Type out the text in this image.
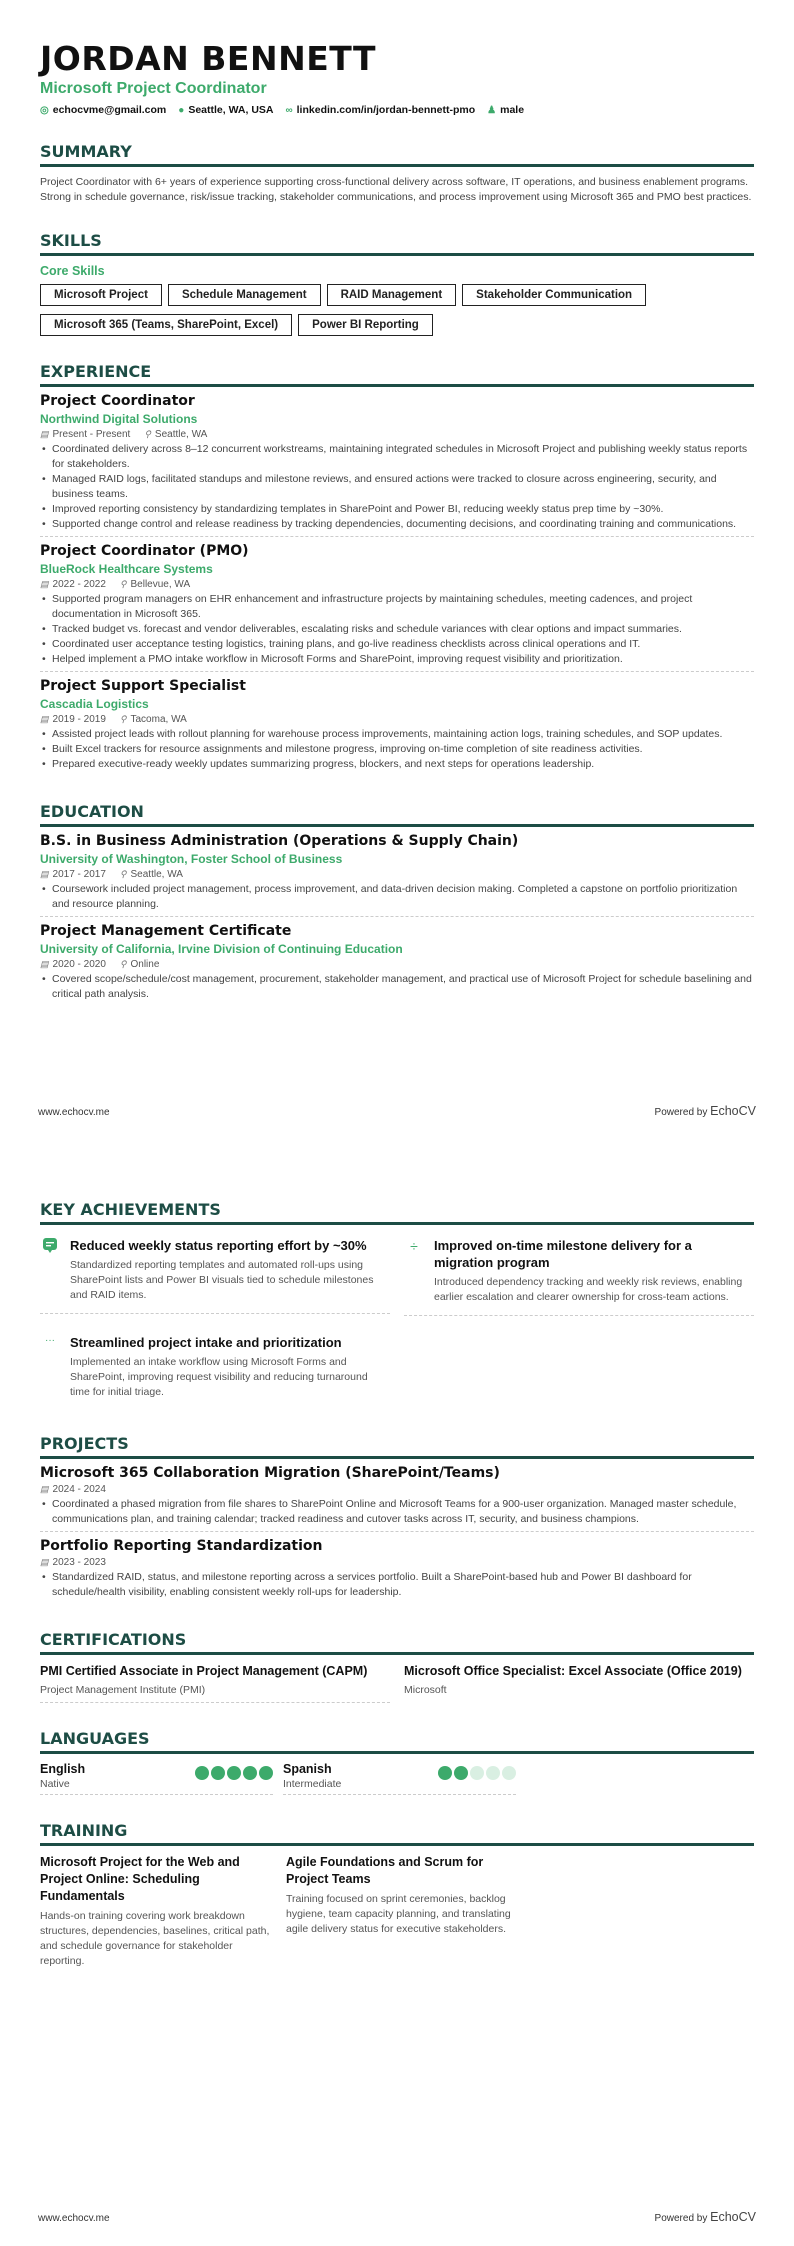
JORDAN BENNETT
Microsoft Project Coordinator
◎ echocvme@gmail.com ● Seattle, WA, USA ∞ linkedin.com/in/jordan-bennett-pmo ♟ male
SUMMARY
Project Coordinator with 6+ years of experience supporting cross-functional delivery across software, IT operations, and business enablement programs. Strong in schedule governance, risk/issue tracking, stakeholder communications, and process improvement using Microsoft 365 and PMO best practices.
SKILLS
Core Skills
Microsoft Project	Schedule Management	RAID Management	Stakeholder Communication
Microsoft 365 (Teams, SharePoint, Excel)	Power BI Reporting
EXPERIENCE
Project Coordinator
Northwind Digital Solutions
▤ Present - Present ⚲ Seattle, WA
• Coordinated delivery across 8–12 concurrent workstreams, maintaining integrated schedules in Microsoft Project and publishing weekly status reports for stakeholders.
• Managed RAID logs, facilitated standups and milestone reviews, and ensured actions were tracked to closure across engineering, security, and business teams.
• Improved reporting consistency by standardizing templates in SharePoint and Power BI, reducing weekly status prep time by ~30%.
• Supported change control and release readiness by tracking dependencies, documenting decisions, and coordinating training and communications.
Project Coordinator (PMO)
BlueRock Healthcare Systems
▤ 2022 - 2022 ⚲ Bellevue, WA
• Supported program managers on EHR enhancement and infrastructure projects by maintaining schedules, meeting cadences, and project documentation in Microsoft 365.
• Tracked budget vs. forecast and vendor deliverables, escalating risks and schedule variances with clear options and impact summaries.
• Coordinated user acceptance testing logistics, training plans, and go-live readiness checklists across clinical operations and IT.
• Helped implement a PMO intake workflow in Microsoft Forms and SharePoint, improving request visibility and prioritization.
Project Support Specialist
Cascadia Logistics
▤ 2019 - 2019 ⚲ Tacoma, WA
• Assisted project leads with rollout planning for warehouse process improvements, maintaining action logs, training schedules, and SOP updates.
• Built Excel trackers for resource assignments and milestone progress, improving on-time completion of site readiness activities.
• Prepared executive-ready weekly updates summarizing progress, blockers, and next steps for operations leadership.
EDUCATION
B.S. in Business Administration (Operations & Supply Chain)
University of Washington, Foster School of Business
▤ 2017 - 2017 ⚲ Seattle, WA
• Coursework included project management, process improvement, and data-driven decision making. Completed a capstone on portfolio prioritization and resource planning.
Project Management Certificate
University of California, Irvine Division of Continuing Education
▤ 2020 - 2020 ⚲ Online
• Covered scope/schedule/cost management, procurement, stakeholder management, and practical use of Microsoft Project for schedule baselining and critical path analysis.
www.echocv.me	Powered by EchoCV
KEY ACHIEVEMENTS
Reduced weekly status reporting effort by ~30%
Standardized reporting templates and automated roll-ups using SharePoint lists and Power BI visuals tied to schedule milestones and RAID items.
÷	Improved on-time milestone delivery for a migration program
Introduced dependency tracking and weekly risk reviews, enabling earlier escalation and clearer ownership for cross-team actions.
···	Streamlined project intake and prioritization
Implemented an intake workflow using Microsoft Forms and SharePoint, improving request visibility and reducing turnaround time for initial triage.
PROJECTS
Microsoft 365 Collaboration Migration (SharePoint/Teams)
▤ 2024 - 2024
• Coordinated a phased migration from file shares to SharePoint Online and Microsoft Teams for a 900-user organization. Managed master schedule, communications plan, and training calendar; tracked readiness and cutover tasks across IT, security, and business champions.
Portfolio Reporting Standardization
▤ 2023 - 2023
• Standardized RAID, status, and milestone reporting across a services portfolio. Built a SharePoint-based hub and Power BI dashboard for schedule/health visibility, enabling consistent weekly roll-ups for leadership.
CERTIFICATIONS
PMI Certified Associate in Project Management (CAPM)
Project Management Institute (PMI)
Microsoft Office Specialist: Excel Associate (Office 2019)
Microsoft
LANGUAGES
English
Native
Spanish
Intermediate
TRAINING
Microsoft Project for the Web and Project Online: Scheduling Fundamentals
Hands-on training covering work breakdown structures, dependencies, baselines, critical path, and schedule governance for stakeholder reporting.
Agile Foundations and Scrum for Project Teams
Training focused on sprint ceremonies, backlog hygiene, team capacity planning, and translating agile delivery status for executive stakeholders.
www.echocv.me	Powered by EchoCV
